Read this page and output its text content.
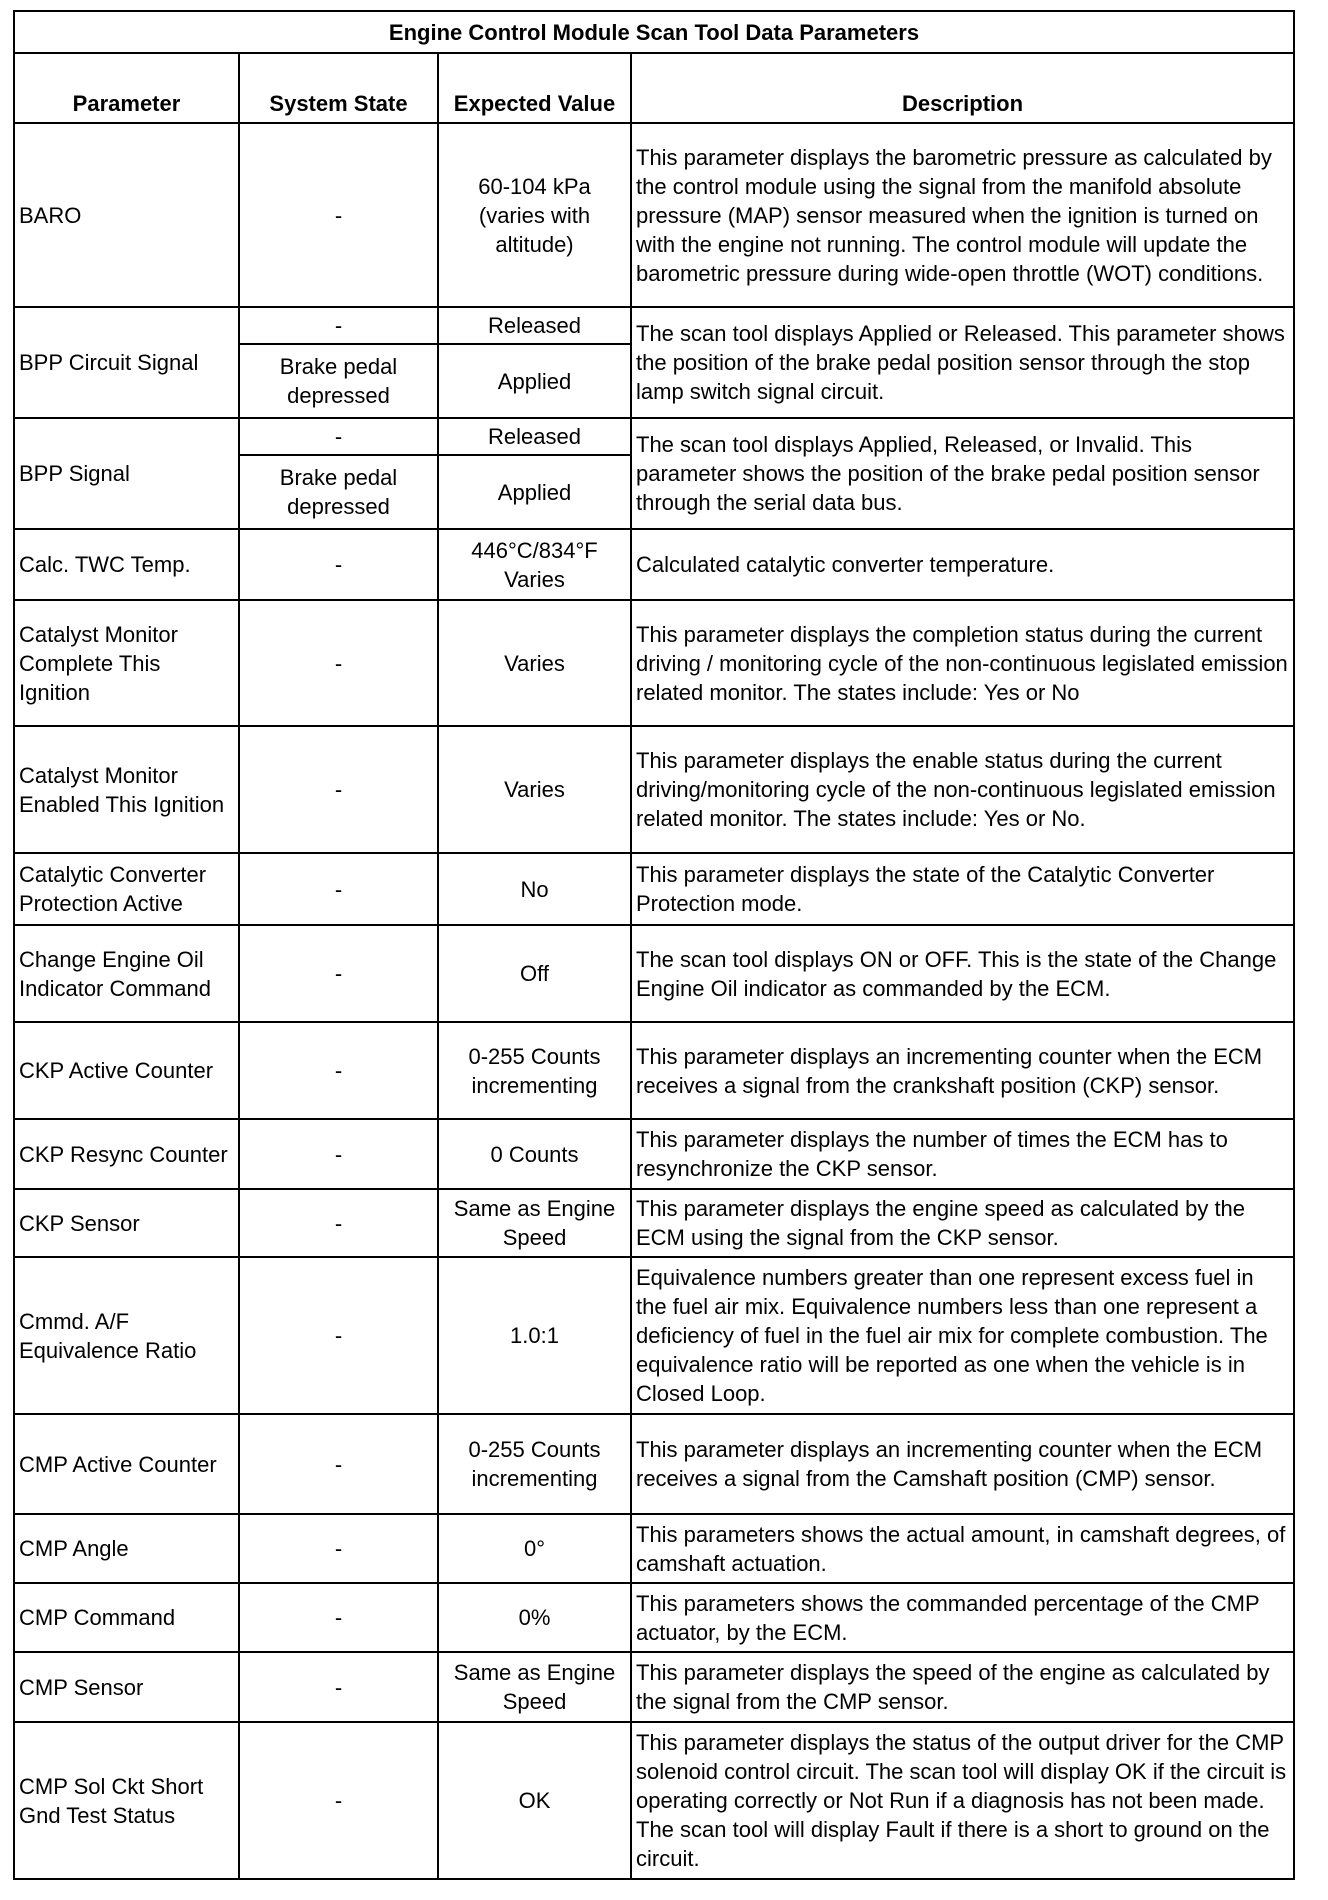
Engine Control Module Scan Tool Data Parameters			
Parameter	System State	Expected Value	Description
BARO	-	60-104 kPa (varies with altitude)	This parameter displays the barometric pressure as calculated by the control module using the signal from the manifold absolute pressure (MAP) sensor measured when the ignition is turned on with the engine not running. The control module will update the barometric pressure during wide-open throttle (WOT) conditions.
BPP Circuit Signal	-	Released	The scan tool displays Applied or Released. This parameter shows the position of the brake pedal position sensor through the stop lamp switch signal circuit.
	Brake pedal depressed	Applied	
BPP Signal	-	Released	The scan tool displays Applied, Released, or Invalid. This parameter shows the position of the brake pedal position sensor through the serial data bus.
	Brake pedal depressed	Applied	
Calc. TWC Temp.	-	446°C/834°F Varies	Calculated catalytic converter temperature.
Catalyst Monitor Complete This Ignition	-	Varies	This parameter displays the completion status during the current driving / monitoring cycle of the non-continuous legislated emission related monitor. The states include: Yes or No
Catalyst Monitor Enabled This Ignition	-	Varies	This parameter displays the enable status during the current driving/monitoring cycle of the non-continuous legislated emission related monitor. The states include: Yes or No.
Catalytic Converter Protection Active	-	No	This parameter displays the state of the Catalytic Converter Protection mode.
Change Engine Oil Indicator Command	-	Off	The scan tool displays ON or OFF. This is the state of the Change Engine Oil indicator as commanded by the ECM.
CKP Active Counter	-	0-255 Counts incrementing	This parameter displays an incrementing counter when the ECM receives a signal from the crankshaft position (CKP) sensor.
CKP Resync Counter	-	0 Counts	This parameter displays the number of times the ECM has to resynchronize the CKP sensor.
CKP Sensor	-	Same as Engine Speed	This parameter displays the engine speed as calculated by the ECM using the signal from the CKP sensor.
Cmmd. A/F Equivalence Ratio	-	1.0:1	Equivalence numbers greater than one represent excess fuel in the fuel air mix. Equivalence numbers less than one represent a deficiency of fuel in the fuel air mix for complete combustion. The equivalence ratio will be reported as one when the vehicle is in Closed Loop.
CMP Active Counter	-	0-255 Counts incrementing	This parameter displays an incrementing counter when the ECM receives a signal from the Camshaft position (CMP) sensor.
CMP Angle	-	0°	This parameters shows the actual amount, in camshaft degrees, of camshaft actuation.
CMP Command	-	0%	This parameters shows the commanded percentage of the CMP actuator, by the ECM.
CMP Sensor	-	Same as Engine Speed	This parameter displays the speed of the engine as calculated by the signal from the CMP sensor.
CMP Sol Ckt Short Gnd Test Status	-	OK	This parameter displays the status of the output driver for the CMP solenoid control circuit. The scan tool will display OK if the circuit is operating correctly or Not Run if a diagnosis has not been made. The scan tool will display Fault if there is a short to ground on the circuit.
